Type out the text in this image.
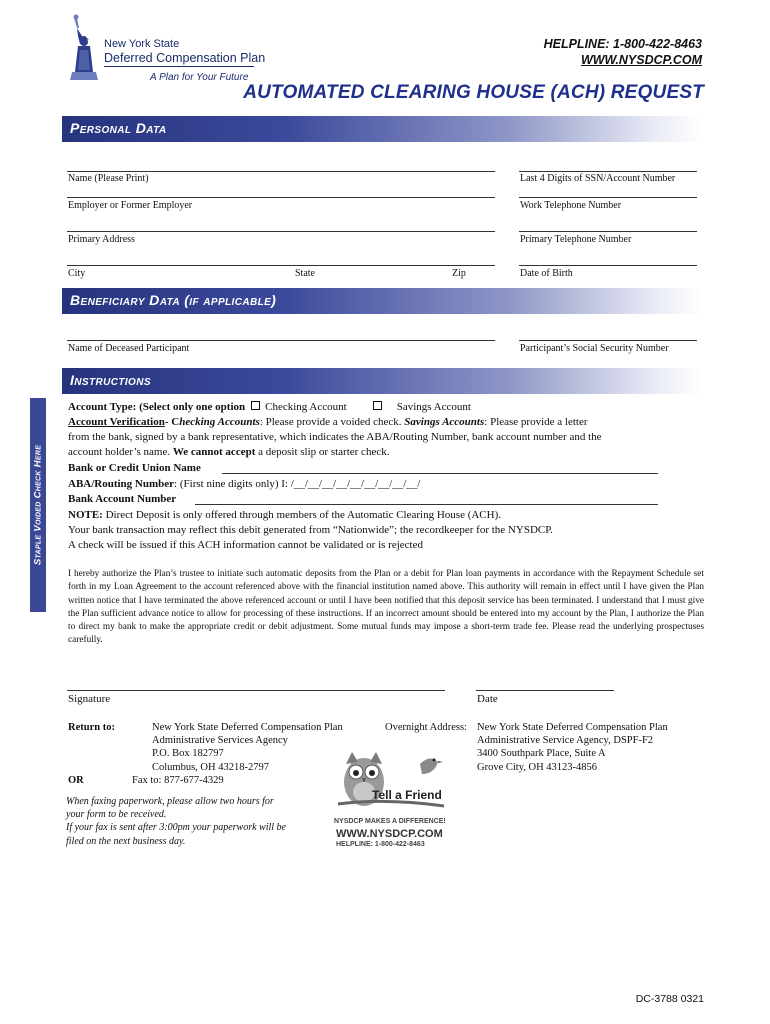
New York State
Deferred Compensation Plan
A Plan for Your Future
HELPLINE: 1-800-422-8463
WWW.NYSDCP.COM
AUTOMATED CLEARING HOUSE (ACH) REQUEST
Personal Data
Name (Please Print)	Last 4 Digits of SSN/Account Number
Employer or Former Employer	Work Telephone Number
Primary Address	Primary Telephone Number
City	State	Zip	Date of Birth
Beneficiary Data (if applicable)
Name of Deceased Participant	Participant’s Social Security Number
Instructions
Staple Voided Check Here
Account Type: (Select only one option Checking Account	Savings Account
Account Verification- Checking Accounts: Please provide a voided check. Savings Accounts: Please provide a letter
from the bank, signed by a bank representative, which indicates the ABA/Routing Number, bank account number and the
account holder’s name. We cannot accept a deposit slip or starter check.
Bank or Credit Union Name
ABA/Routing Number: (First nine digits only) I: /__/__/__/__/__/__/__/__/__/
Bank Account Number
NOTE: Direct Deposit is only offered through members of the Automatic Clearing House (ACH).
Your bank transaction may reflect this debit generated from “Nationwide”; the recordkeeper for the NYSDCP.
A check will be issued if this ACH information cannot be validated or is rejected
I hereby authorize the Plan’s trustee to initiate such automatic deposits from the Plan or a debit for Plan loan payments in accordance with the Repayment Schedule set forth in my Loan Agreement to the account referenced above with the financial institution named above. This authority will remain in effect until I have given the Plan written notice that I have terminated the above referenced account or until I have been notified that this deposit service has been terminated. I understand that I must give the Plan sufficient advance notice to allow for processing of these instructions. If an incorrect amount should be entered into my account by the Plan, I authorize the Plan to direct my bank to make the appropriate credit or debit adjustment. Some mutual funds may impose a short-term trade fee. Please read the underlying prospectuses carefully.
Signature	Date
Return to:	New York State Deferred Compensation Plan
Administrative Services Agency
P.O. Box 182797
Columbus, OH 43218-2797
OR	Fax to: 877-677-4329
Overnight Address: New York State Deferred Compensation Plan
Administrative Service Agency, DSPF-F2
3400 Southpark Place, Suite A
Grove City, OH 43123-4856
When faxing paperwork, please allow two hours for
your form to be received.
If your fax is sent after 3:00pm your paperwork will be
filed on the next business day.
Tell a Friend
NYSDCP MAKES A DIFFERENCE!
WWW.NYSDCP.COM
HELPLINE: 1-800-422-8463
DC-3788 0321
